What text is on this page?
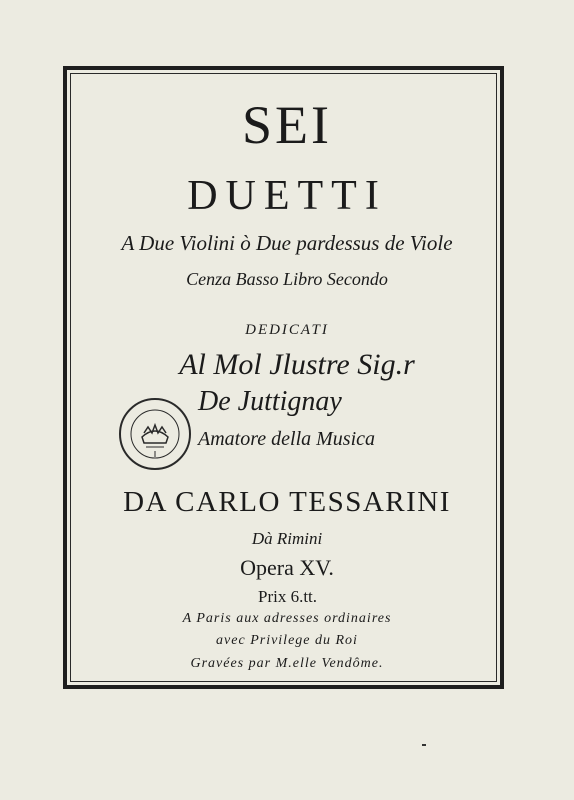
SEI
DUETTI
A Due Violini ò Due pardessus de Viole
Cenza Basso Libro Secondo
DEDICATI
Al Mol Jlustre Sig.r
De Juttignay
Amatore della Musica
DA CARLO TESSARINI
Dà Rimini
Opera XV.
Prix 6.tt.
A Paris aux adresses ordinaires
avec Privilege du Roi
Gravées par M.elle Vendôme.
